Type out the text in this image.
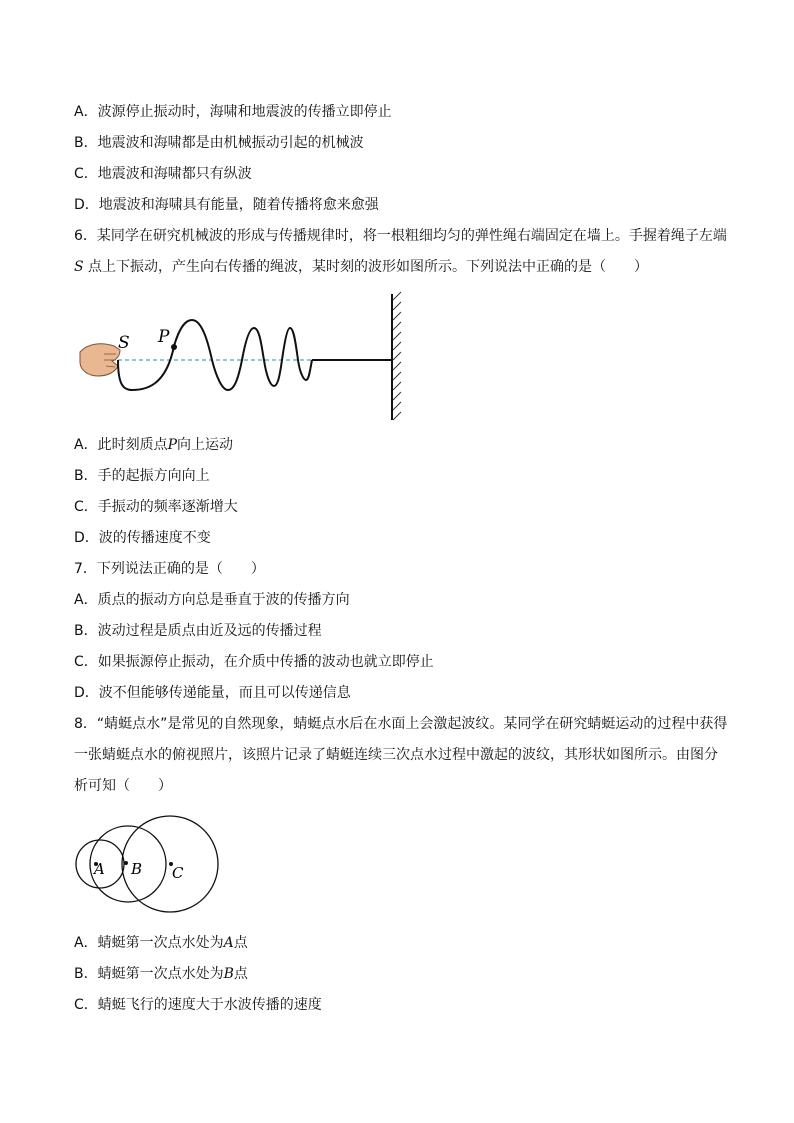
A．波源停止振动时，海啸和地震波的传播立即停止
B．地震波和海啸都是由机械振动引起的机械波
C．地震波和海啸都只有纵波
D．地震波和海啸具有能量，随着传播将愈来愈强
6．某同学在研究机械波的形成与传播规律时，将一根粗细均匀的弹性绳右端固定在墙上。手握着绳子左端
S 点上下振动，产生向右传播的绳波，某时刻的波形如图所示。下列说法中正确的是（　　）
S P
A．此时刻质点P向上运动
B．手的起振方向向上
C．手振动的频率逐渐增大
D．波的传播速度不变
7．下列说法正确的是（　　）
A．质点的振动方向总是垂直于波的传播方向
B．波动过程是质点由近及远的传播过程
C．如果振源停止振动，在介质中传播的波动也就立即停止
D．波不但能够传递能量，而且可以传递信息
8．“蜻蜓点水”是常见的自然现象，蜻蜓点水后在水面上会激起波纹。某同学在研究蜻蜓运动的过程中获得
一张蜻蜓点水的俯视照片，该照片记录了蜻蜓连续三次点水过程中激起的波纹，其形状如图所示。由图分
析可知（　　）
A B C
A．蜻蜓第一次点水处为A点
B．蜻蜓第一次点水处为B点
C．蜻蜓飞行的速度大于水波传播的速度
